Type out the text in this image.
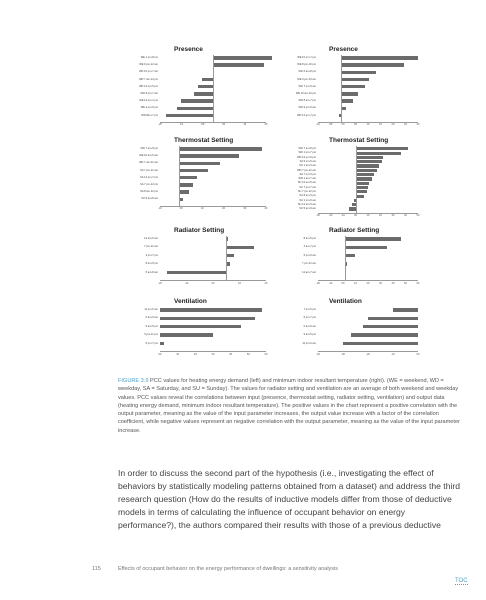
Presence
WE 1 pm-8 pm
WE 9 pm-12 am
WD 10 pm-7 am
WD 7 am-12 pm
WD 12 pm-5 pm
WD 8 pm-7 am
WE 12 pm-1 pm
WE 2 pm-6 pm
WD 8pm-7 pm
-25	-15	-05	05	15	25
Thermostat Setting
WD 7 am-5 pm
WE 10 am-5 am
WD 7 am-12 am
SA 7 pm-12 am
SA 12 pm-7 pm
SA 7 pm-12 pm
SA 8 am-12 pm
SU 8 am-8 am
-10	00	10	20	30	40
Radiator Setting
12 am-5 am
7 pm-12 am
3 pm-7 pm
8 am-5 pm
5 am-8 am
-20	-10	00	10	20
Ventilation
11 pm-6 am
6 am-9 am
9 am-5 pm
5 pm-11 pm
5 pm-7 pm
00	10	20	30	40	50	60
Presence
WE 10 pm-7 pm
WE 8 pm-10 pm
WD 6 am-8 pm
WE 9 pm-10 am
WD 7 pm-9 am
WE 10 am-10 pm
WD 8 am-7 pm
WD 9 pm-6 am
WD 12 pm-7 pm
-10	-05	00	05	10	15	20	25	30
Thermostat Setting
WD 7 am-8 pm
WD 1 pm-7 pm
WD 12 pm-5 pm
SA 5 pm-5 am
SU 1 am-5 am
WD 7 pm-12 am
SA 7 pm-5 pm
WD 1 am-7 am
SU 12 am-5 am
SU 7 pm-7 am
SU 7 pm-12 pm
SU 8 am-5 pm
SU 1 pm-6 am
SU 12 am-5 am
SU 5 am-9 am
-30	-20	-10	00	10	20	30	40	50
Radiator Setting
8 am-5 pm
4 am-7 pm
5 pm-6 am
7 pm-12 am
12 am-7 am
-20	-10	00	10	20	30	40	50	60
Ventilation
7 pm-6 pm
5 pm-7 pm
6 am-9 am
9 am-5 pm
11 pm-6 am
-40	-30	-20	-10	00
FIGURE 3.9 PCC values for heating energy demand (left) and minimum indoor resultant temperature (right). (WE = weekend, WD = weekday, SA = Saturday, and SU = Sunday). The values for radiator setting and ventilation are an average of both weekend and weekday values. PCC values reveal the correlations between input (presence, thermostat setting, radiator setting, ventilation) and output data (heating energy demand, minimum indoor resultant temperature). The positive values in the chart represent a positive correlation with the output parameter, meaning as the value of the input parameter increases, the output value increase with a factor of the correlation coefficient, while negative values represent an negative correlation with the output parameter, meaning as the value of the input parameter increase.
In order to discuss the second part of the hypothesis (i.e., investigating the effect of behaviors by statistically modeling patterns obtained from a dataset) and address the third research question (How do the results of inductive models differ from those of deductive models in terms of calculating the influence of occupant behavior on energy performance?), the authors compared their results with those of a previous deductive
115	Effects of occupant behavior on the energy performance of dwellings: a sensitivity analysis
TOC
